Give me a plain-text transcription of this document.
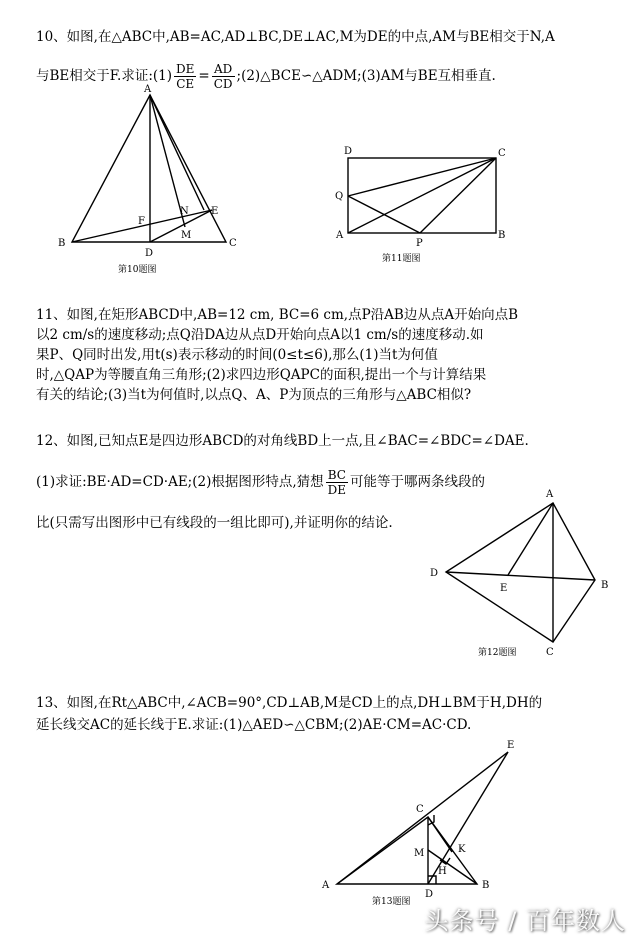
10、如图,在△ABC中,AB=AC,AD⊥BC,DE⊥AC,M为DE的中点,AM与BE相交于N,A
与BE相交于F.求证:(1) $\frac{DE}{CE} = \frac{AD}{CD}$ ;(2)△BCE∽△ADM;(3)AM与BE互相垂直.
A
B	C
D
E
F
M
N
第10题图
D	C
Q
A
P
B
第11题图
A
B
C
D
E
第12题图
E
C
K
M
H
A	B
D
第13题图
11、如图,在矩形ABCD中,AB=12 cm, BC=6 cm,点P沿AB边从点A开始向点B
以2 cm/s的速度移动;点Q沿DA边从点D开始向点A以1 cm/s的速度移动.如
果P、Q同时出发,用t(s)表示移动的时间(0≤t≤6),那么(1)当t为何值
时,△QAP为等腰直角三角形;(2)求四边形QAPC的面积,提出一个与计算结果
有关的结论;(3)当t为何值时,以点Q、A、P为顶点的三角形与△ABC相似?
12、如图,已知点E是四边形ABCD的对角线BD上一点,且∠BAC=∠BDC=∠DAE.
(1)求证:BE·AD=CD·AE;(2)根据图形特点,猜想 $\frac{BC}{DE}$ 可能等于哪两条线段的
比(只需写出图形中已有线段的一组比即可),并证明你的结论.
13、如图,在Rt△ABC中,∠ACB=90°,CD⊥AB,M是CD上的点,DH⊥BM于H,DH的
延长线交AC的延长线于E.求证:(1)△AED∽△CBM;(2)AE·CM=AC·CD.
头条号 / 百年数人
